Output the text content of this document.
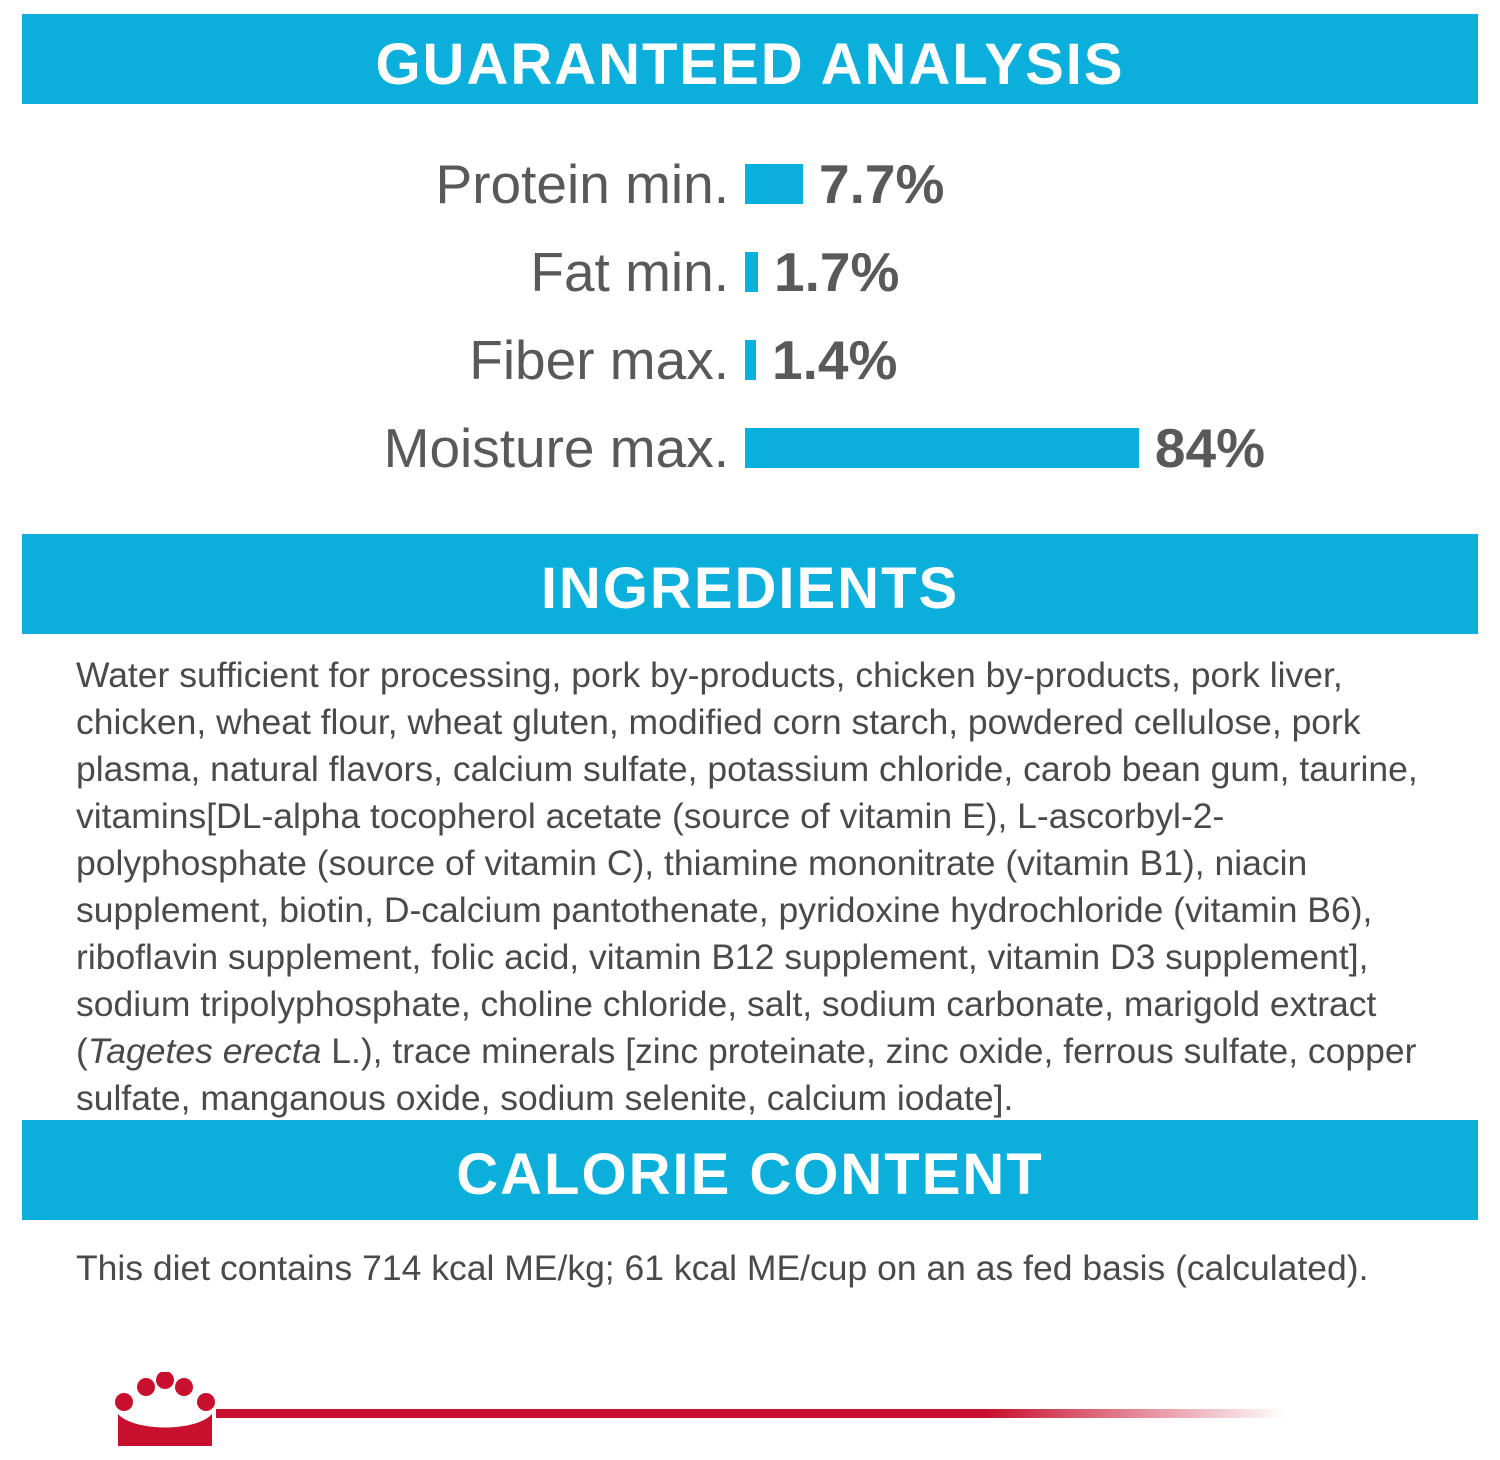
GUARANTEED ANALYSIS
Protein min. 7.7%
Fat min. 1.7%
Fiber max. 1.4%
Moisture max.	84%
INGREDIENTS
Water sufficient for processing, pork by-products, chicken by-products, pork liver, chicken, wheat flour, wheat gluten, modified corn starch, powdered cellulose, pork plasma, natural flavors, calcium sulfate, potassium chloride, carob bean gum, taurine, vitamins[DL-alpha tocopherol acetate (source of vitamin E), L-ascorbyl-2-polyphosphate (source of vitamin C), thiamine mononitrate (vitamin B1), niacin supplement, biotin, D-calcium pantothenate, pyridoxine hydrochloride (vitamin B6), riboflavin supplement, folic acid, vitamin B12 supplement, vitamin D3 supplement], sodium tripolyphosphate, choline chloride, salt, sodium carbonate, marigold extract (Tagetes erecta L.), trace minerals [zinc proteinate, zinc oxide, ferrous sulfate, copper sulfate, manganous oxide, sodium selenite, calcium iodate].
CALORIE CONTENT
This diet contains 714 kcal ME/kg; 61 kcal ME/cup on an as fed basis (calculated).
